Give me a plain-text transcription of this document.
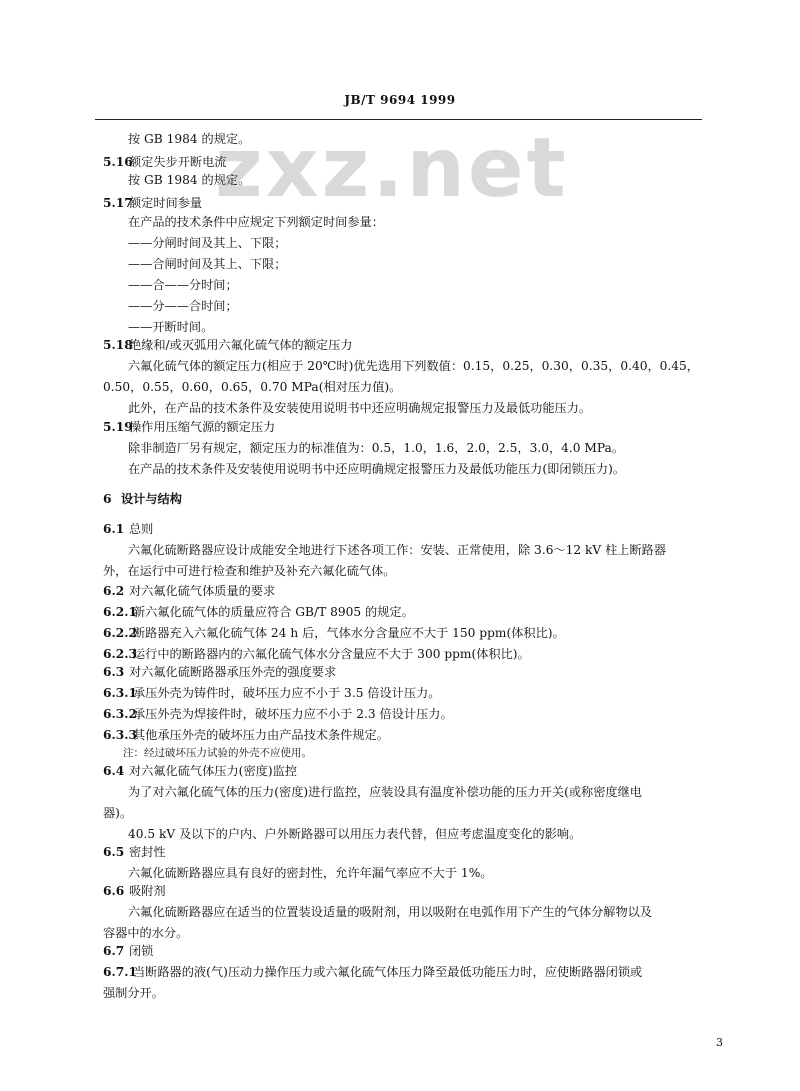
JB/T 9694 1999
zxz.net
按 GB 1984 的规定。
5.16额定失步开断电流
按 GB 1984 的规定。
5.17额定时间参量
在产品的技术条件中应规定下列额定时间参量：
——分闸时间及其上、下限；
——合闸时间及其上、下限；
——合——分时间；
——分——合时间；
——开断时间。
5.18绝缘和/或灭弧用六氟化硫气体的额定压力
六氟化硫气体的额定压力(相应于 20℃时)优先选用下列数值：0.15，0.25，0.30，0.35，0.40，0.45，
0.50，0.55，0.60，0.65，0.70 MPa(相对压力值)。
此外，在产品的技术条件及安装使用说明书中还应明确规定报警压力及最低功能压力。
5.19操作用压缩气源的额定压力
除非制造厂另有规定，额定压力的标准值为：0.5，1.0，1.6，2.0，2.5，3.0，4.0 MPa。
在产品的技术条件及安装使用说明书中还应明确规定报警压力及最低功能压力(即闭锁压力)。
6 设计与结构
6.1 总则
六氟化硫断路器应设计成能安全地进行下述各项工作：安装、正常使用，除 3.6～12 kV 柱上断路器
外，在运行中可进行检查和维护及补充六氟化硫气体。
6.2 对六氟化硫气体质量的要求
6.2.1新六氟化硫气体的质量应符合 GB/T 8905 的规定。
6.2.2断路器充入六氟化硫气体 24 h 后，气体水分含量应不大于 150 ppm(体积比)。
6.2.3运行中的断路器内的六氟化硫气体水分含量应不大于 300 ppm(体积比)。
6.3 对六氟化硫断路器承压外壳的强度要求
6.3.1承压外壳为铸件时，破坏压力应不小于 3.5 倍设计压力。
6.3.2承压外壳为焊接件时，破坏压力应不小于 2.3 倍设计压力。
6.3.3其他承压外壳的破坏压力由产品技术条件规定。
注：经过破坏压力试验的外壳不应使用。
6.4 对六氟化硫气体压力(密度)监控
为了对六氟化硫气体的压力(密度)进行监控，应装设具有温度补偿功能的压力开关(或称密度继电
器)。
40.5 kV 及以下的户内、户外断路器可以用压力表代替，但应考虑温度变化的影响。
6.5 密封性
六氟化硫断路器应具有良好的密封性，允许年漏气率应不大于 1%。
6.6 吸附剂
六氟化硫断路器应在适当的位置装设适量的吸附剂，用以吸附在电弧作用下产生的气体分解物以及
容器中的水分。
6.7 闭锁
6.7.1当断路器的液(气)压动力操作压力或六氟化硫气体压力降至最低功能压力时，应使断路器闭锁或
强制分开。
3
